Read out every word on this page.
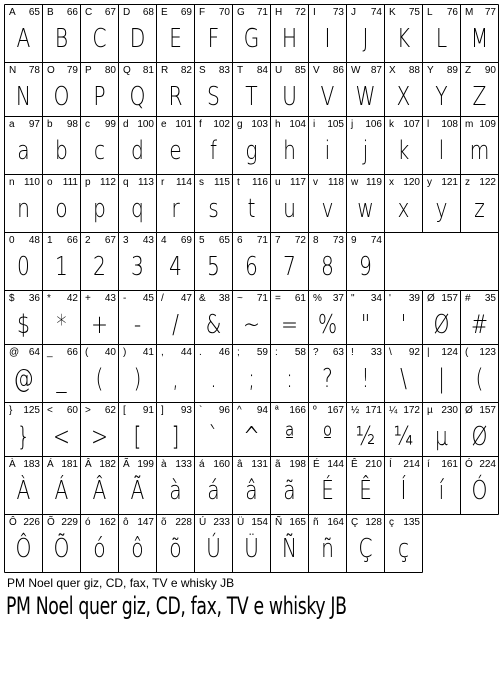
A 65
A
B 66
B
C 67
C
D 68
D
E 69
E
F 70
F
G 71
G
H 72
H
I 73
I
J 74
J
K 75
K
L 76
L
M 77
M
N 78
N
O 79
O
P 80
P
Q 81
Q
R 82
R
S 83
S
T 84
T
U 85
U
V 86
V
W 87
W
X 88
X
Y 89
Y
Z 90
Z
a 97
a
b 98
b
c 99
c
d 100
d
e 101
e
f 102
f
g 103
g
h 104
h
i 105
i
j 106
j
k 107
k
l 108
l
m 109
m
n 110
n
o 111
o
p 112
p
q 113
q
r 114
r
s 115
s
t 116
t
u 117
u
v 118
v
w 119
w
x 120
x
y 121
y
z 122
z
0 48
0
1 66
1
2 67
2
3 43
3
4 69
4
5 65
5
6 71
6
7 72
7
8 73
8
9 74
9
$ 36
$
* 42
*
+ 43
+
- 45
-
/ 47
/
& 38
&
~ 71
~
= 61
=
% 37
%
" 34
"
' 39
'
Ø 157
Ø
# 35
#
@ 64
@
_ 66
_
( 40
(
) 41
)
, 44
,
. 46
.
; 59
;
: 58
:
? 63
?
! 33
!
\ 92
\
| 124
|
( 123
(
} 125
}
< 60
<
> 62
>
[ 91
[
] 93
]
` 96
`
^ 94
^
ª 166
ª
º 167
º
½ 171
½
¼ 172
¼
µ 230
µ
Ø 157
Ø
À 183
À
Á 181
Á
Â 182
Â
Ã 199
Ã
à 133
à
á 160
á
â 131
â
ã 198
ã
É 144
É
Ê 210
Ê
Í 214
Í
í 161
í
Ó 224
Ó
Ô 226
Ô
Õ 229
Õ
ó 162
ó
ô 147
ô
õ 228
õ
Ú 233
Ú
Ü 154
Ü
Ñ 165
Ñ
ñ 164
ñ
Ç 128
Ç
ç 135
ç
PM Noel quer giz, CD, fax, TV e whisky JB
PM Noel quer giz, CD, fax, TV e whisky JB
